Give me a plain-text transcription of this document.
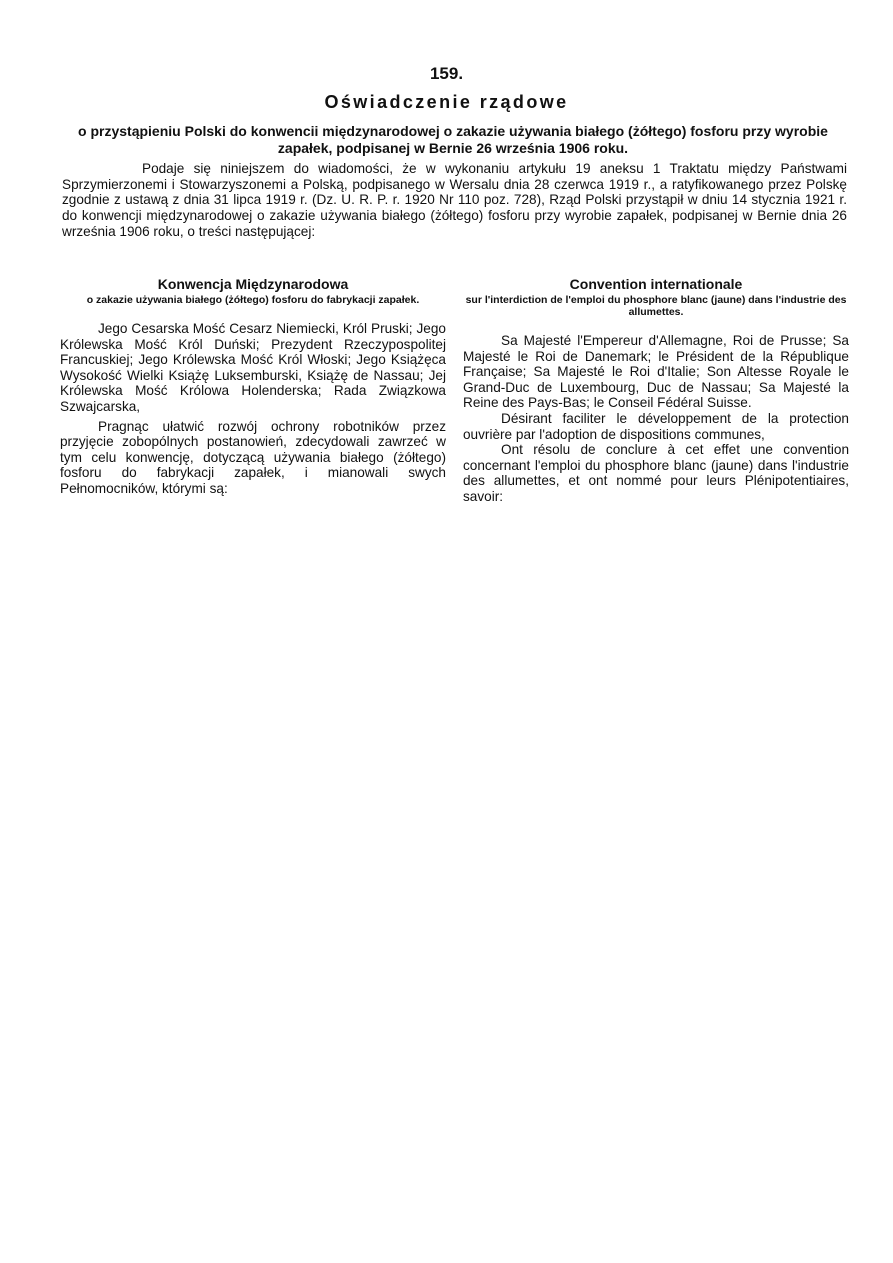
159.
Oświadczenie rządowe
o przystąpieniu Polski do konwencii międzynarodowej o zakazie używania białego (żółtego) fosforu przy wyrobie zapałek, podpisanej w Bernie 26 września 1906 roku.
Podaje się niniejszem do wiadomości, że w wykonaniu artykułu 19 aneksu 1 Traktatu między Państwami Sprzymierzonemi i Stowarzyszonemi a Polską, podpisanego w Wersalu dnia 28 czerwca 1919 r., a ratyfikowanego przez Polskę zgodnie z ustawą z dnia 31 lipca 1919 r. (Dz. U. R. P. r. 1920 Nr 110 poz. 728), Rząd Polski przystąpił w dniu 14 stycznia 1921 r. do konwencji międzynarodowej o zakazie używania białego (żółtego) fosforu przy wyrobie zapałek, podpisanej w Bernie dnia 26 września 1906 roku, o treści następującej:
Konwencja Międzynarodowa
o zakazie używania białego (żółtego) fosforu do fabrykacji zapałek.

Jego Cesarska Mość Cesarz Niemiecki, Król Pruski; Jego Królewska Mość Król Duński; Prezydent Rzeczypospolitej Francuskiej; Jego Królewska Mość Król Włoski; Jego Książęca Wysokość Wielki Książę Luksemburski, Książę de Nassau; Jej Królewska Mość Królowa Holenderska; Rada Związkowa Szwajcarska,

Pragnąc ułatwić rozwój ochrony robotników przez przyjęcie zobopólnych postanowień, zdecydowali zawrzeć w tym celu konwencję, dotyczącą używania białego (żółtego) fosforu do fabrykacji zapałek, i mianowali swych Pełnomocników, którymi są:

Convention internationale
sur l'interdiction de l'emploi du phosphore blanc (jaune) dans l'industrie des allumettes.

Sa Majesté l'Empereur d'Allemagne, Roi de Prusse; Sa Majesté le Roi de Danemark; le Président de la République Française; Sa Majesté le Roi d'Italie; Son Altesse Royale le Grand-Duc de Luxembourg, Duc de Nassau; Sa Majesté la Reine des Pays-Bas; le Conseil Fédéral Suisse.

Désirant faciliter le développement de la protection ouvrière par l'adoption de dispositions communes,

Ont résolu de conclure à cet effet une convention concernant l'emploi du phosphore blanc (jaune) dans l'industrie des allumettes, et ont nommé pour leurs Plénipotentiaires, savoir:
